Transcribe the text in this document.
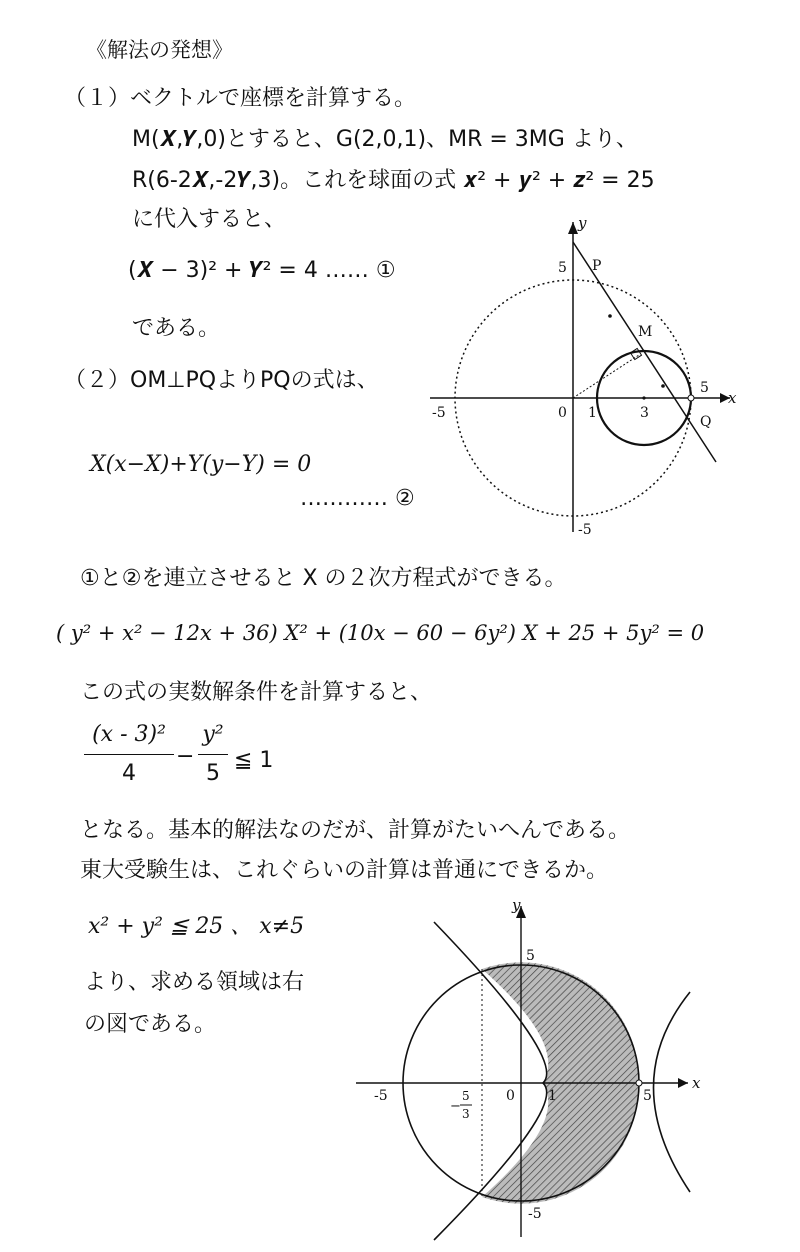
《解法の発想》
（１）ベクトルで座標を計算する。
M(𝑿,𝒀,0)とすると、G(2,0,1)、MR = 3MG より、
R(6-2𝑿,-2𝒀,3)。これを球面の式 𝒙² + 𝒚² + 𝒛² = 25
に代入すると、
(𝑿 − 3)² + 𝒀² = 4 …… ①
である。
（２）OM⊥PQよりPQの式は、
X(x−X)+Y(y−Y) = 0
………… ②
y
x
5 P
M
5
Q
-5	0 1	3
-5
①と②を連立させると X の２次方程式ができる。
( y² + x² − 12x + 36) X² + (10x − 60 − 6y²) X + 25 + 5y² = 0
この式の実数解条件を計算すると、
(x - 3)²
4
−
y²
5
≦ 1
となる。基本的解法なのだが、計算がたいへんである。
東大受験生は、これぐらいの計算は普通にできるか。
x² + y² ≦ 25 、 x≠5
より、求める領域は右
の図である。
y
x
5
5
-5	0 1
−
5
3
-5
